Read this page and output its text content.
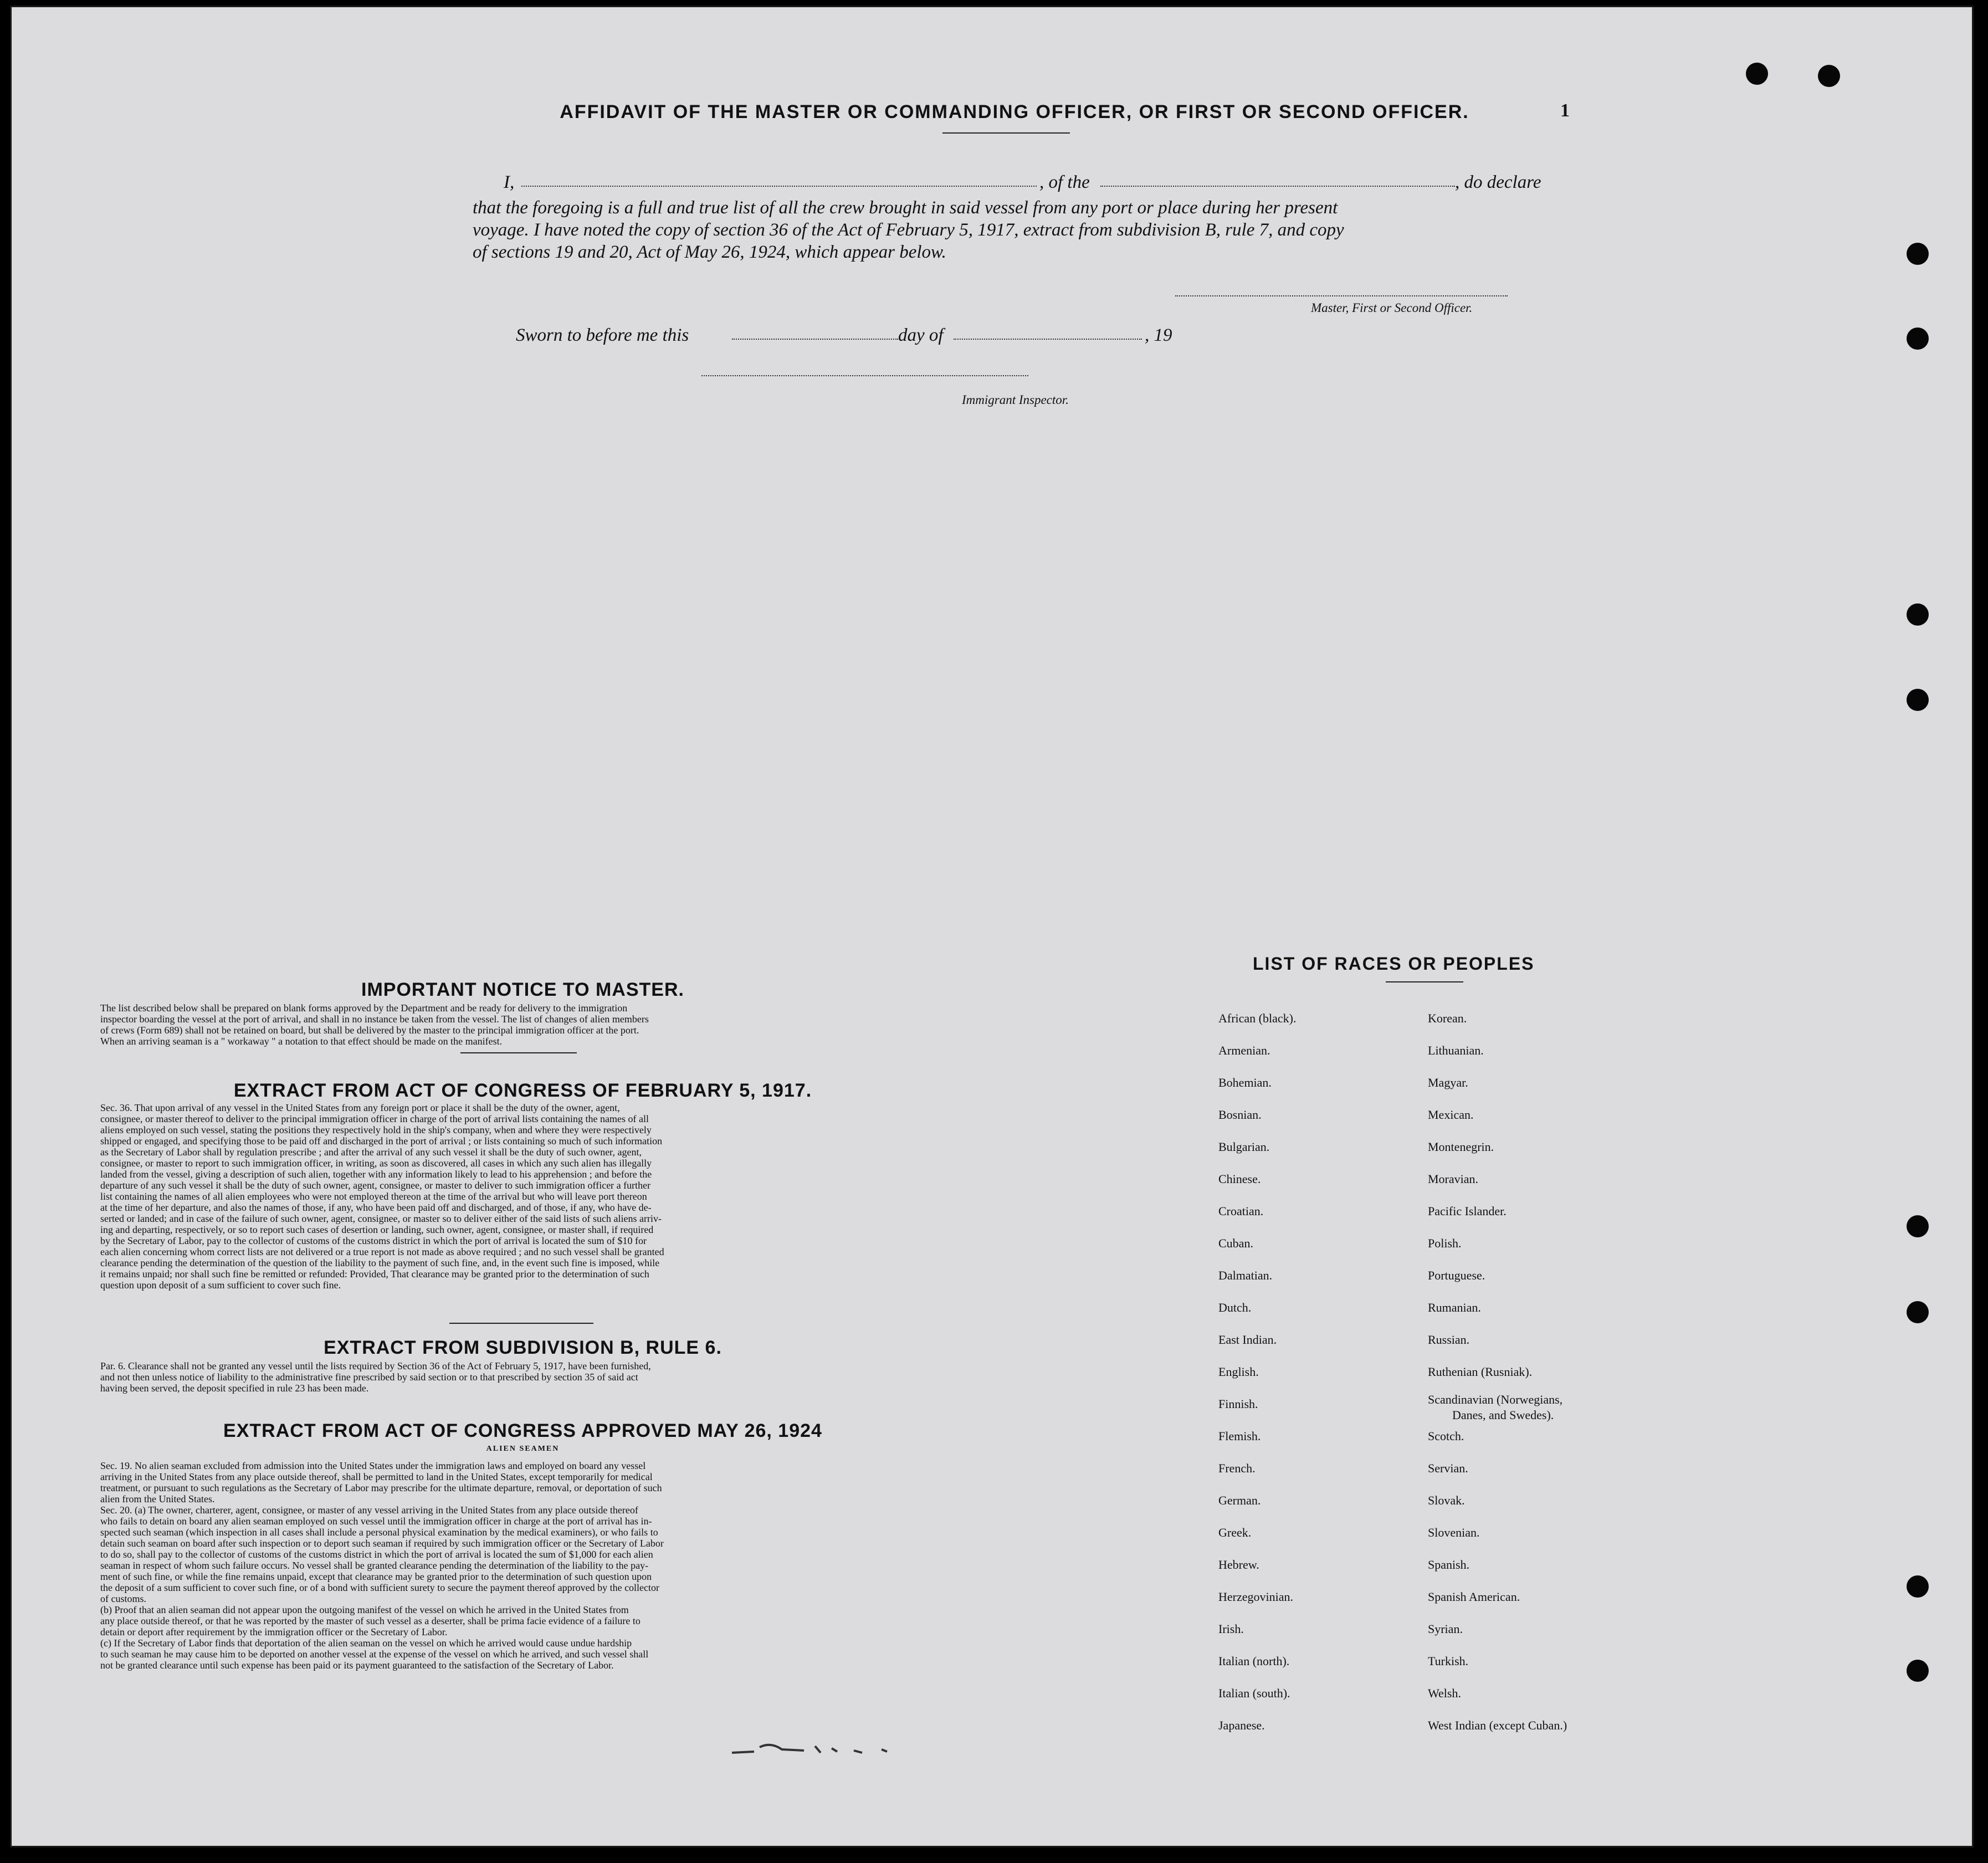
AFFIDAVIT OF THE MASTER OR COMMANDING OFFICER, OR FIRST OR SECOND OFFICER.	1
I,	, of the	, do declare
that the foregoing is a full and true list of all the crew brought in said vessel from any port or place during her present
voyage. I have noted the copy of section 36 of the Act of February 5, 1917, extract from subdivision B, rule 7, and copy
of sections 19 and 20, Act of May 26, 1924, which appear below.
Master, First or Second Officer.
Sworn to before me this	day of	, 19
Immigrant Inspector.
IMPORTANT NOTICE TO MASTER.
The list described below shall be prepared on blank forms approved by the Department and be ready for delivery to the immigration
inspector boarding the vessel at the port of arrival, and shall in no instance be taken from the vessel. The list of changes of alien members
of crews (Form 689) shall not be retained on board, but shall be delivered by the master to the principal immigration officer at the port.
When an arriving seaman is a " workaway " a notation to that effect should be made on the manifest.
EXTRACT FROM ACT OF CONGRESS OF FEBRUARY 5, 1917.
Sec. 36. That upon arrival of any vessel in the United States from any foreign port or place it shall be the duty of the owner, agent,
consignee, or master thereof to deliver to the principal immigration officer in charge of the port of arrival lists containing the names of all
aliens employed on such vessel, stating the positions they respectively hold in the ship's company, when and where they were respectively
shipped or engaged, and specifying those to be paid off and discharged in the port of arrival ; or lists containing so much of such information
as the Secretary of Labor shall by regulation prescribe ; and after the arrival of any such vessel it shall be the duty of such owner, agent,
consignee, or master to report to such immigration officer, in writing, as soon as discovered, all cases in which any such alien has illegally
landed from the vessel, giving a description of such alien, together with any information likely to lead to his apprehension ; and before the
departure of any such vessel it shall be the duty of such owner, agent, consignee, or master to deliver to such immigration officer a further
list containing the names of all alien employees who were not employed thereon at the time of the arrival but who will leave port thereon
at the time of her departure, and also the names of those, if any, who have been paid off and discharged, and of those, if any, who have de-
serted or landed; and in case of the failure of such owner, agent, consignee, or master so to deliver either of the said lists of such aliens arriv-
ing and departing, respectively, or so to report such cases of desertion or landing, such owner, agent, consignee, or master shall, if required
by the Secretary of Labor, pay to the collector of customs of the customs district in which the port of arrival is located the sum of $10 for
each alien concerning whom correct lists are not delivered or a true report is not made as above required ; and no such vessel shall be granted
clearance pending the determination of the question of the liability to the payment of such fine, and, in the event such fine is imposed, while
it remains unpaid; nor shall such fine be remitted or refunded: Provided, That clearance may be granted prior to the determination of such
question upon deposit of a sum sufficient to cover such fine.
EXTRACT FROM SUBDIVISION B, RULE 6.
Par. 6. Clearance shall not be granted any vessel until the lists required by Section 36 of the Act of February 5, 1917, have been furnished,
and not then unless notice of liability to the administrative fine prescribed by said section or to that prescribed by section 35 of said act
having been served, the deposit specified in rule 23 has been made.
EXTRACT FROM ACT OF CONGRESS APPROVED MAY 26, 1924
ALIEN SEAMEN
Sec. 19. No alien seaman excluded from admission into the United States under the immigration laws and employed on board any vessel
arriving in the United States from any place outside thereof, shall be permitted to land in the United States, except temporarily for medical
treatment, or pursuant to such regulations as the Secretary of Labor may prescribe for the ultimate departure, removal, or deportation of such
alien from the United States.
Sec. 20. (a) The owner, charterer, agent, consignee, or master of any vessel arriving in the United States from any place outside thereof
who fails to detain on board any alien seaman employed on such vessel until the immigration officer in charge at the port of arrival has in-
spected such seaman (which inspection in all cases shall include a personal physical examination by the medical examiners), or who fails to
detain such seaman on board after such inspection or to deport such seaman if required by such immigration officer or the Secretary of Labor
to do so, shall pay to the collector of customs of the customs district in which the port of arrival is located the sum of $1,000 for each alien
seaman in respect of whom such failure occurs. No vessel shall be granted clearance pending the determination of the liability to the pay-
ment of such fine, or while the fine remains unpaid, except that clearance may be granted prior to the determination of such question upon
the deposit of a sum sufficient to cover such fine, or of a bond with sufficient surety to secure the payment thereof approved by the collector
of customs.
(b) Proof that an alien seaman did not appear upon the outgoing manifest of the vessel on which he arrived in the United States from
any place outside thereof, or that he was reported by the master of such vessel as a deserter, shall be prima facie evidence of a failure to
detain or deport after requirement by the immigration officer or the Secretary of Labor.
(c) If the Secretary of Labor finds that deportation of the alien seaman on the vessel on which he arrived would cause undue hardship
to such seaman he may cause him to be deported on another vessel at the expense of the vessel on which he arrived, and such vessel shall
not be granted clearance until such expense has been paid or its payment guaranteed to the satisfaction of the Secretary of Labor.
LIST OF RACES OR PEOPLES
African (black).
Armenian.
Bohemian.
Bosnian.
Bulgarian.
Chinese.
Croatian.
Cuban.
Dalmatian.
Dutch.
East Indian.
English.
Finnish.
Flemish.
French.
German.
Greek.
Hebrew.
Herzegovinian.
Irish.
Italian (north).
Italian (south).
Japanese.
Korean.
Lithuanian.
Magyar.
Mexican.
Montenegrin.
Moravian.
Pacific Islander.
Polish.
Portuguese.
Rumanian.
Russian.
Ruthenian (Rusniak).
Scandinavian (Norwegians,
Danes, and Swedes).
Scotch.
Servian.
Slovak.
Slovenian.
Spanish.
Spanish American.
Syrian.
Turkish.
Welsh.
West Indian (except Cuban.)
